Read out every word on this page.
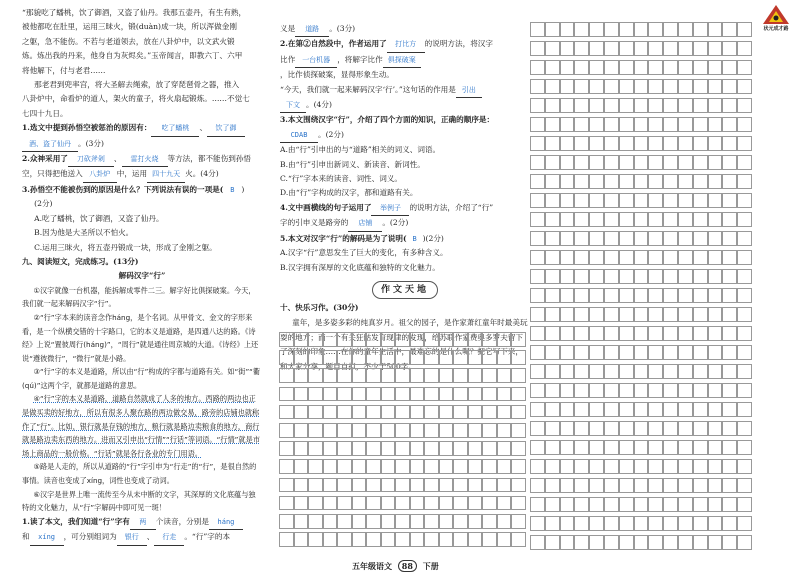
“那貌吃了蟠桃，饮了御酒，又盗了仙丹。我那五壶丹，有生有熟，

被他都吃在肚里，运用三昧火，锻(duàn)成一块，所以浑做金刚

之躯，急不能伤。不若与老道领去，放在八卦炉中，以文武火锻

炼。炼出我的丹来，他身自为灰烬矣。”玉帝闻言，即教六丁、六甲

将他解下，付与老君……

那老君到兜率宫，将大圣解去绳索，放了穿琵琶骨之器，推入

八卦炉中，命看炉的道人，架火的童子，将火扇起锻炼。……不觉七

七四十九日。

1.选文中提到孙悟空被惩治的原因有： 吃了蟠桃 、 饮了御

酒、盗了仙丹 。(3分)

2.众神采用了 刀砍斧剁 、 雷打火烧 等方法，都不能伤到孙悟

空，只得把他送入 八卦炉 中，运用 四十九天 火。(4分)

3.孙悟空不能被伤到的原因是什么？下列说法有误的一项是( B )

(2分)

A.吃了蟠桃，饮了御酒，又盗了仙丹。

B.因为他是大圣所以不怕火。

C.运用三昧火，将五壶丹锻成一块，形成了金刚之躯。

九、阅读短文，完成练习。(13分)

解码汉字“行”

①汉字就像一台机器，能拆解成零件二三。解字好比俱探破案。今天，我们就一起来解码汉字“行”。

②“行”字本来的读音念作háng，是个名词。从甲骨文、金文的字形来看，是一个纵横交错的十字路口，它的本义是道路，是四通八达的路。《诗经》上说“置彼周行(háng)”，“周行”就是通往周京城的大道。《诗经》上还说“遵彼微行”，“微行”就是小路。

③“行”字的本义是道路，所以由“行”构成的字都与道路有关。如“街”“衢(qú)”这两个字，就都是道路的意思。

④“行”字的本义是道路，道路自然就成了人多的地方。西路的两边也正是做买卖的好地方，所以有很多人聚在路的两边做交易，路旁的店铺也就称作了“行”。比如，银行就是存钱的地方，粮行就是路边卖粮食的地方，商行就是路边卖东西的地方。进而又引申出“行情”“行话”等词语。“行情”就是市场上商品的一般价格。“行话”就是各行各业的专门用语。

⑤路是人走的，所以从道路的“行”字引申为“行走”的“行”，是很自然的事情。读音也变成了xíng，词性也变成了动词。

⑥汉字是世界上唯一流传至今从未中断的文字，其深厚的文化底蕴与独特的文化魅力，从“行”字解码中即可见一斑！

1.读了本文，我们知道“行”字有 两 个读音，分别是 háng

和 xíng ，可分别组词为 银行 、 行走 。“行”字的本

义是 道路 。(3分)

2.在第②自然段中，作者运用了 打比方 的说明方法，将汉字

比作 一台机器 ，将解字比作 俱探破案

，比作侦探破案，显得形象生动。

“今天，我们就一起来解码汉字‘行’。”这句话的作用是 引出

下文 。(4分)

3.本文围绕汉字“行”，介绍了四个方面的知识，正确的顺序是：

CDAB 。(2分)

A.由“行”引申出的与“道路”相关的词义、词语。

B.由“行”引申出新词义、新读音、新词性。

C.“行”字本来的读音、词性、词义。

D.由“行”字构成的汉字，都和道路有关。

4.文中画横线的句子运用了 举例子 的说明方法，介绍了“行”

字的引申义是路旁的 店铺 。(2分)

5.本文对汉字“行”的解码是为了说明( B )(2分)

A.汉字“行”意思发生了巨大的变化，有多种含义。

B.汉字拥有深厚的文化底蕴和独特的文化魅力。

作文天地

十、快乐习作。(30分)

童年，是多姿多彩的纯真岁月。祖父的园子，是作家萧红童年时最美玩耍的地方；而一个有关狂骷发育现律的发现，给苏联作家费奥多罗夫留下了深刻的印象……在你的童年生活中，最难忘的是什么呢？把它写下来，和大家分享，题目自拟，不少于500字。

状元成才路
五年级语文 88 下册
